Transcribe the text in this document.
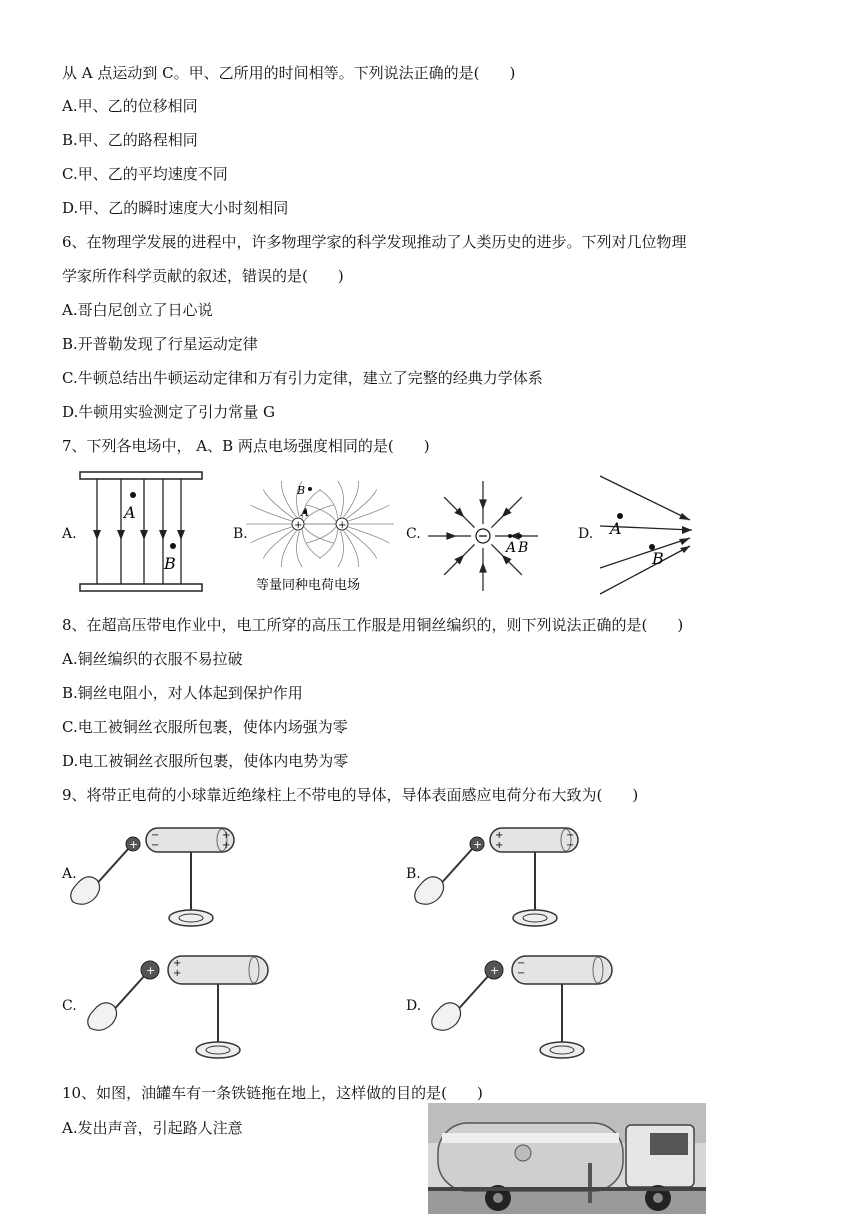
从 A 点运动到 C。甲、乙所用的时间相等。下列说法正确的是(　　)
A.甲、乙的位移相同
B.甲、乙的路程相同
C.甲、乙的平均速度不同
D.甲、乙的瞬时速度大小时刻相同
6、在物理学发展的进程中，许多物理学家的科学发现推动了人类历史的进步。下列对几位物理
学家所作科学贡献的叙述，错误的是(　　)
A.哥白尼创立了日心说
B.开普勒发现了行星运动定律
C.牛顿总结出牛顿运动定律和万有引力定律，建立了完整的经典力学体系
D.牛顿用实验测定了引力常量 G
7、下列各电场中， A、B 两点电场强度相同的是(　　)
A.
A
B
B.
+	+
B
A
等量同种电荷电场
C.
A B
D. A
B
8、在超高压带电作业中，电工所穿的高压工作服是用铜丝编织的，则下列说法正确的是(　　)
A.铜丝编织的衣服不易拉破
B.铜丝电阻小，对人体起到保护作用
C.电工被铜丝衣服所包裹，使体内场强为零
D.电工被铜丝衣服所包裹，使体内电势为零
9、将带正电荷的小球靠近绝缘柱上不带电的导体，导体表面感应电荷分布大致为(　　)
A.
+
−
−
+
+
B.
+
+
+
−
−
C.
+
+
+
D.
+
−
−
10、如图，油罐车有一条铁链拖在地上，这样做的目的是(　　)
A.发出声音，引起路人注意
